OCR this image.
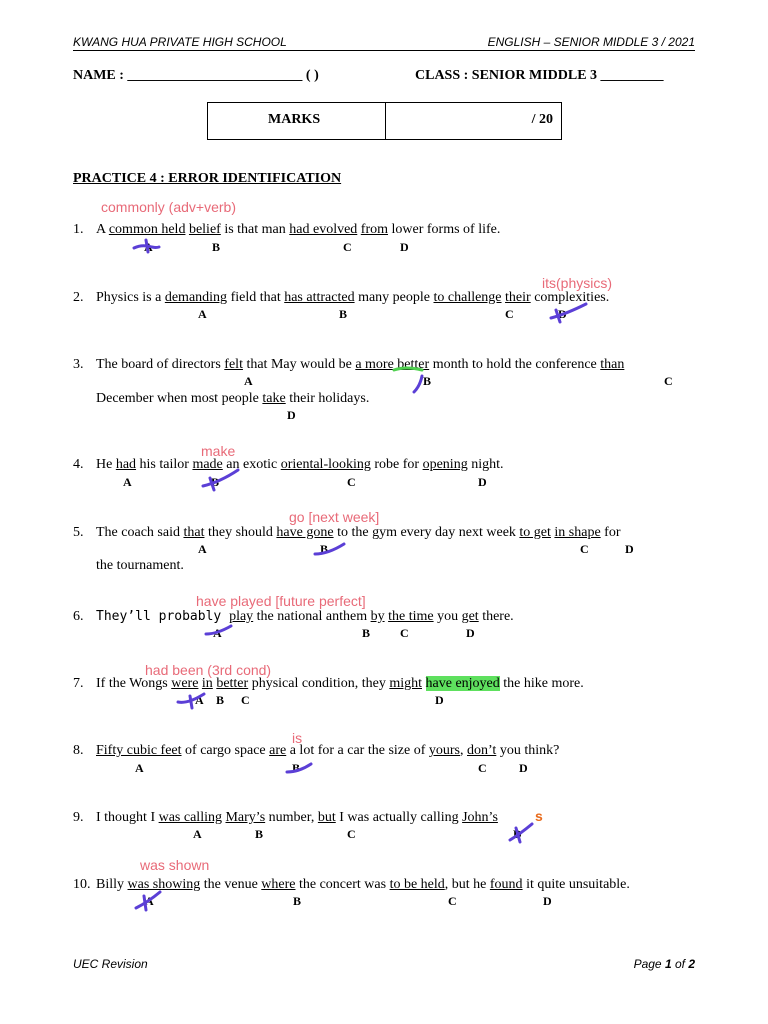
KWANG HUA PRIVATE HIGH SCHOOL	ENGLISH – SENIOR MIDDLE 3 / 2021
NAME : _________________________ ( )	CLASS : SENIOR MIDDLE 3 _________
MARKS	/ 20
PRACTICE 4 : ERROR IDENTIFICATION
commonly (adv+verb)
1. A common held belief is that man had evolved from lower forms of life.
A	B	C	D
its(physics)
2. Physics is a demanding field that has attracted many people to challenge their complexities.
A	B	C	D
3. The board of directors felt that May would be a more better month to hold the conference than
December when most people take their holidays.
A	B	C
D
make
4. He had his tailor made an exotic oriental-looking robe for opening night.
A	B	C	D
go [next week]
5. The coach said that they should have gone to the gym every day next week to get in shape for
the tournament.
A	B	C	D
have played [future perfect]
6. They’ll probably play the national anthem by the time you get there.
A	B C	D
had been (3rd cond)
7. If the Wongs were in better physical condition, they might have enjoyed the hike more.
A B C	D
is
8. Fifty cubic feet of cargo space are a lot for a car the size of yours, don’t you think?
A	B	C	D
9. I thought I was calling Mary’s number, but I was actually calling John’s	s
A	B	C	D
was shown
10. Billy was showing the venue where the concert was to be held, but he found it quite unsuitable.
A	B	C	D
UEC Revision	Page 1 of 2
